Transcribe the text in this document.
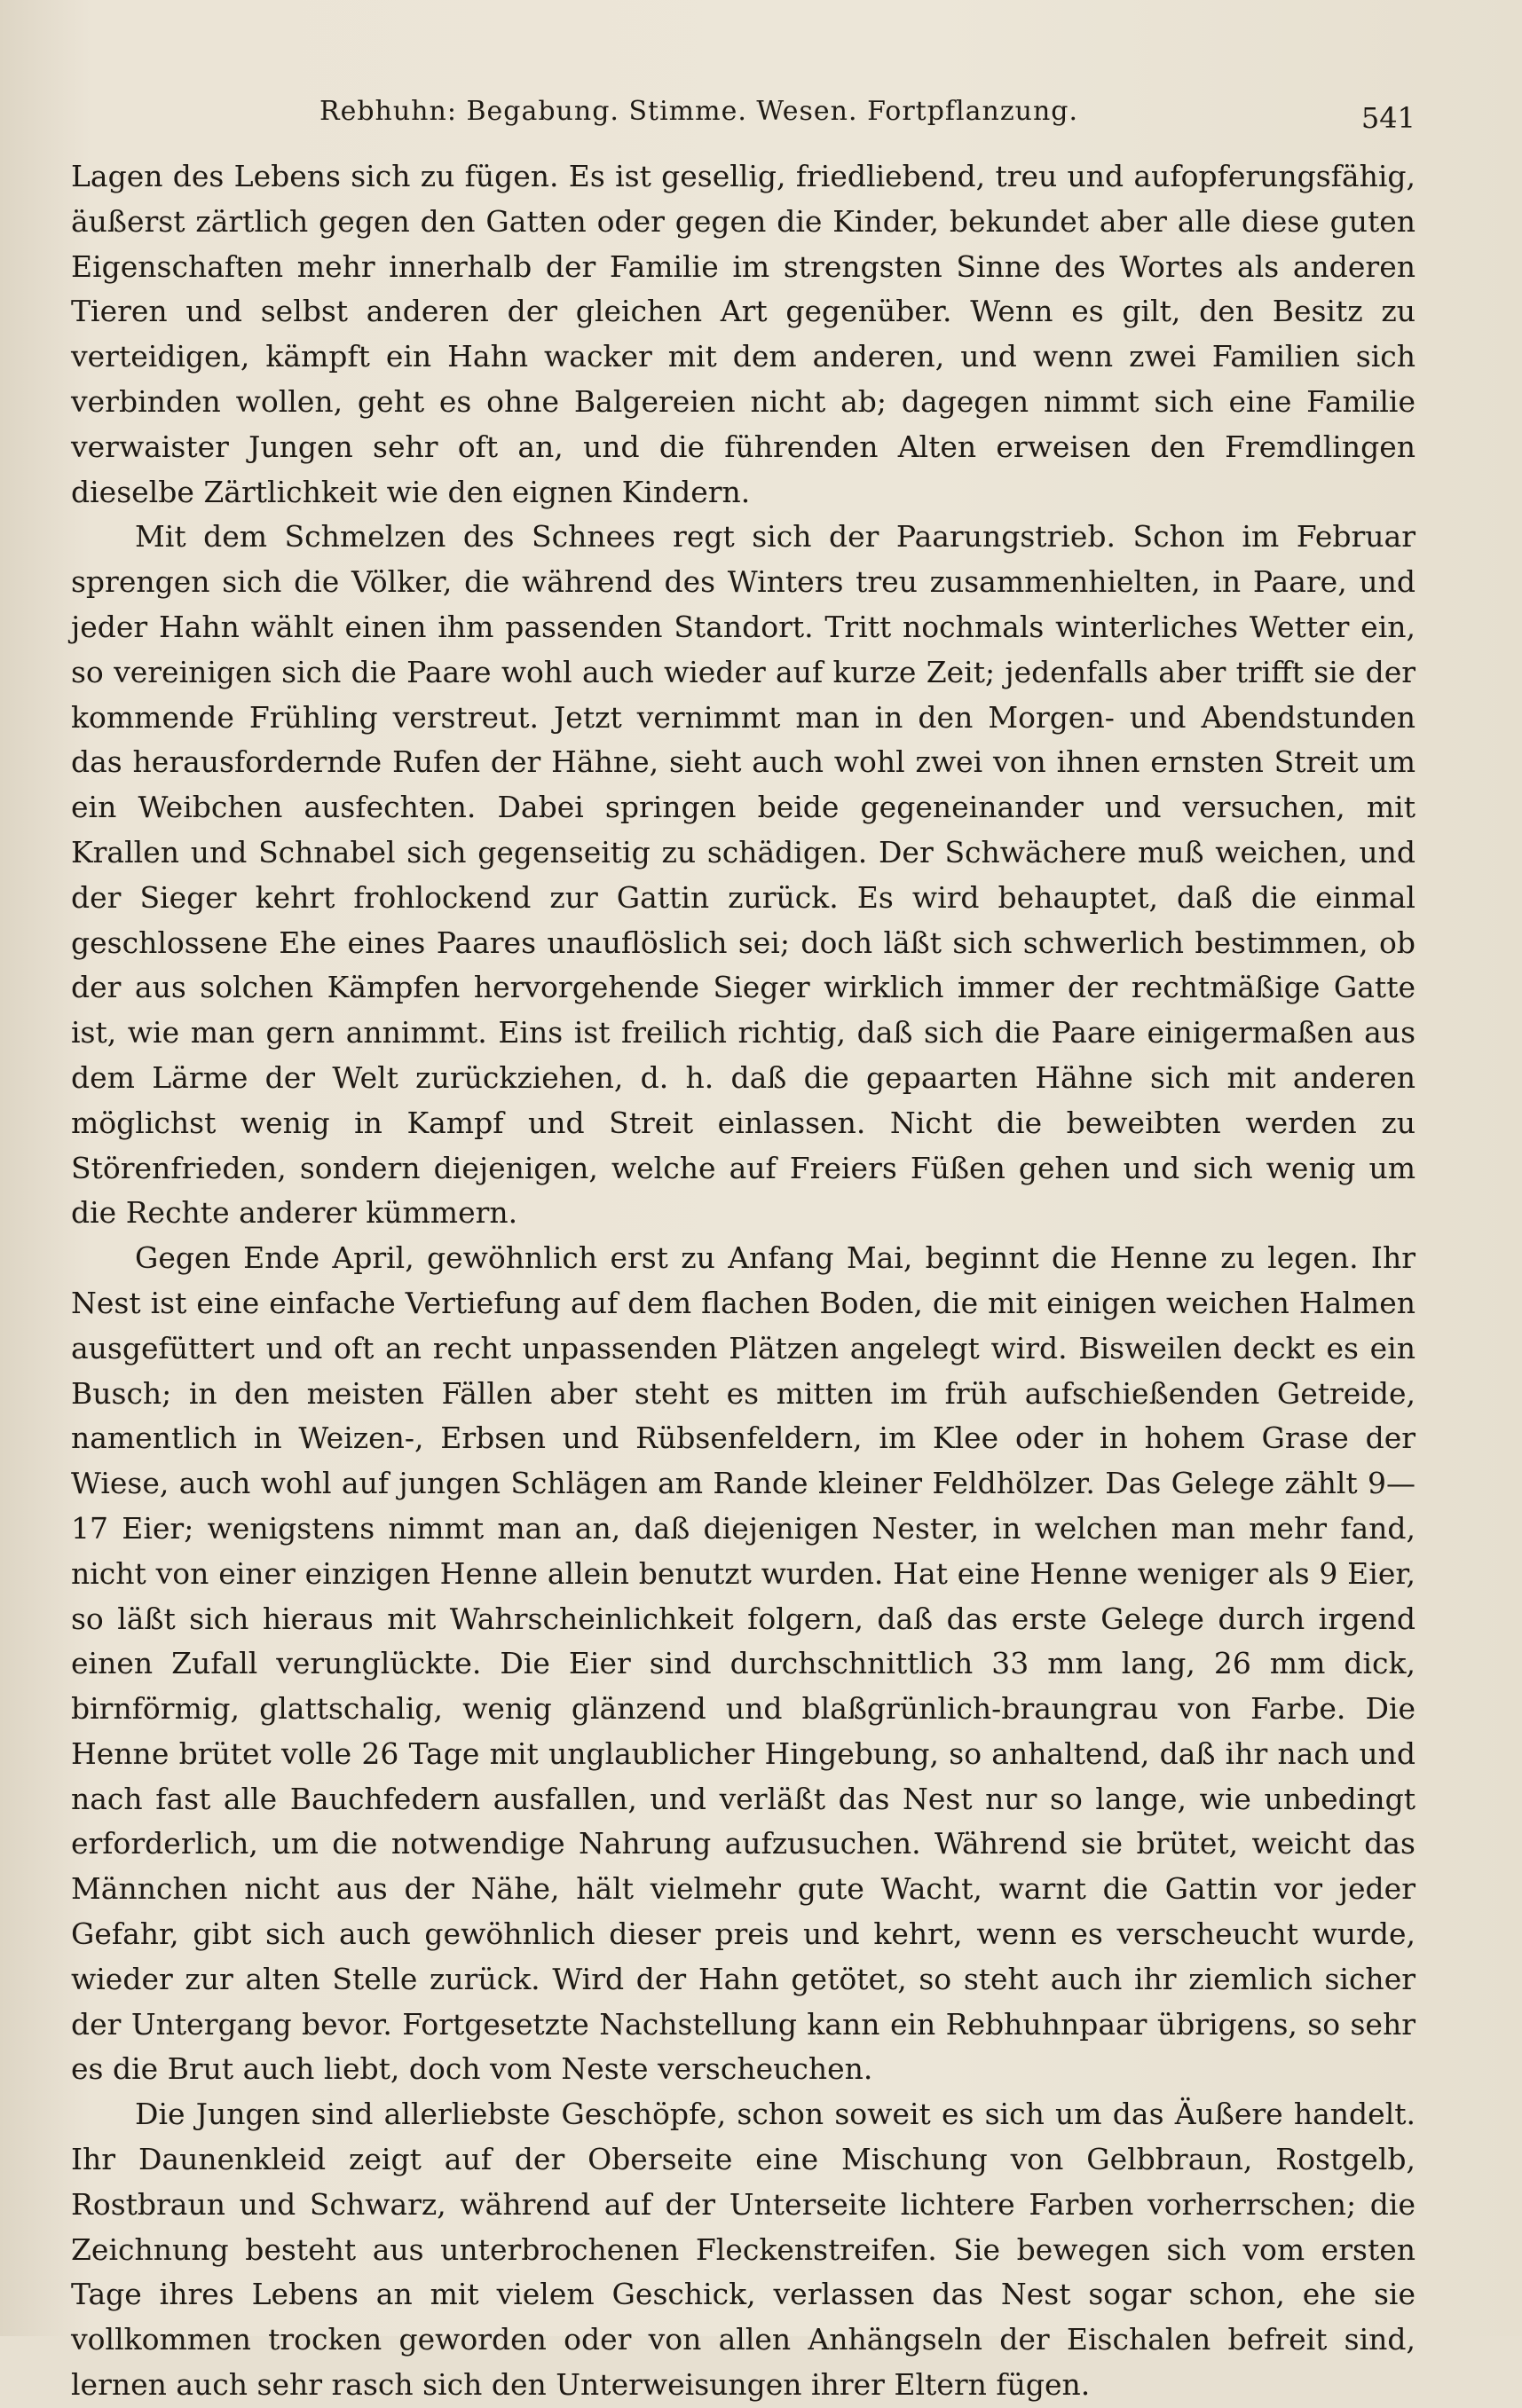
Rebhuhn: Begabung. Stimme. Wesen. Fortpflanzung.	541

Lagen des Lebens sich zu fügen. Es ist gesellig, friedliebend, treu und aufopferungsfähig, äußerst zärtlich gegen den Gatten oder gegen die Kinder, bekundet aber alle diese guten Eigenschaften mehr innerhalb der Familie im strengsten Sinne des Wortes als anderen Tieren und selbst anderen der gleichen Art gegenüber. Wenn es gilt, den Besitz zu verteidigen, kämpft ein Hahn wacker mit dem anderen, und wenn zwei Familien sich verbinden wollen, geht es ohne Balgereien nicht ab; dagegen nimmt sich eine Familie verwaister Jungen sehr oft an, und die führenden Alten erweisen den Fremdlingen dieselbe Zärtlichkeit wie den eignen Kindern.

Mit dem Schmelzen des Schnees regt sich der Paarungstrieb. Schon im Februar sprengen sich die Völker, die während des Winters treu zusammenhielten, in Paare, und jeder Hahn wählt einen ihm passenden Standort. Tritt nochmals winterliches Wetter ein, so vereinigen sich die Paare wohl auch wieder auf kurze Zeit; jedenfalls aber trifft sie der kommende Frühling verstreut. Jetzt vernimmt man in den Morgen- und Abendstunden das herausfordernde Rufen der Hähne, sieht auch wohl zwei von ihnen ernsten Streit um ein Weibchen ausfechten. Dabei springen beide gegeneinander und versuchen, mit Krallen und Schnabel sich gegenseitig zu schädigen. Der Schwächere muß weichen, und der Sieger kehrt frohlockend zur Gattin zurück. Es wird behauptet, daß die einmal geschlossene Ehe eines Paares unauflöslich sei; doch läßt sich schwerlich bestimmen, ob der aus solchen Kämpfen hervorgehende Sieger wirklich immer der rechtmäßige Gatte ist, wie man gern annimmt. Eins ist freilich richtig, daß sich die Paare einigermaßen aus dem Lärme der Welt zurückziehen, d. h. daß die gepaarten Hähne sich mit anderen möglichst wenig in Kampf und Streit einlassen. Nicht die beweibten werden zu Störenfrieden, sondern diejenigen, welche auf Freiers Füßen gehen und sich wenig um die Rechte anderer kümmern.

Gegen Ende April, gewöhnlich erst zu Anfang Mai, beginnt die Henne zu legen. Ihr Nest ist eine einfache Vertiefung auf dem flachen Boden, die mit einigen weichen Halmen ausgefüttert und oft an recht unpassenden Plätzen angelegt wird. Bisweilen deckt es ein Busch; in den meisten Fällen aber steht es mitten im früh aufschießenden Getreide, namentlich in Weizen-, Erbsen und Rübsenfeldern, im Klee oder in hohem Grase der Wiese, auch wohl auf jungen Schlägen am Rande kleiner Feldhölzer. Das Gelege zählt 9—17 Eier; wenigstens nimmt man an, daß diejenigen Nester, in welchen man mehr fand, nicht von einer einzigen Henne allein benutzt wurden. Hat eine Henne weniger als 9 Eier, so läßt sich hieraus mit Wahrscheinlichkeit folgern, daß das erste Gelege durch irgend einen Zufall verunglückte. Die Eier sind durchschnittlich 33 mm lang, 26 mm dick, birnförmig, glattschalig, wenig glänzend und blaßgrünlich-braungrau von Farbe. Die Henne brütet volle 26 Tage mit unglaublicher Hingebung, so anhaltend, daß ihr nach und nach fast alle Bauchfedern ausfallen, und verläßt das Nest nur so lange, wie unbedingt erforderlich, um die notwendige Nahrung aufzusuchen. Während sie brütet, weicht das Männchen nicht aus der Nähe, hält vielmehr gute Wacht, warnt die Gattin vor jeder Gefahr, gibt sich auch gewöhnlich dieser preis und kehrt, wenn es verscheucht wurde, wieder zur alten Stelle zurück. Wird der Hahn getötet, so steht auch ihr ziemlich sicher der Untergang bevor. Fortgesetzte Nachstellung kann ein Rebhuhnpaar übrigens, so sehr es die Brut auch liebt, doch vom Neste verscheuchen.

Die Jungen sind allerliebste Geschöpfe, schon soweit es sich um das Äußere handelt. Ihr Daunenkleid zeigt auf der Oberseite eine Mischung von Gelbbraun, Rostgelb, Rostbraun und Schwarz, während auf der Unterseite lichtere Farben vorherrschen; die Zeichnung besteht aus unterbrochenen Fleckenstreifen. Sie bewegen sich vom ersten Tage ihres Lebens an mit vielem Geschick, verlassen das Nest sogar schon, ehe sie vollkommen trocken geworden oder von allen Anhängseln der Eischalen befreit sind, lernen auch sehr rasch sich den Unterweisungen ihrer Eltern fügen.
